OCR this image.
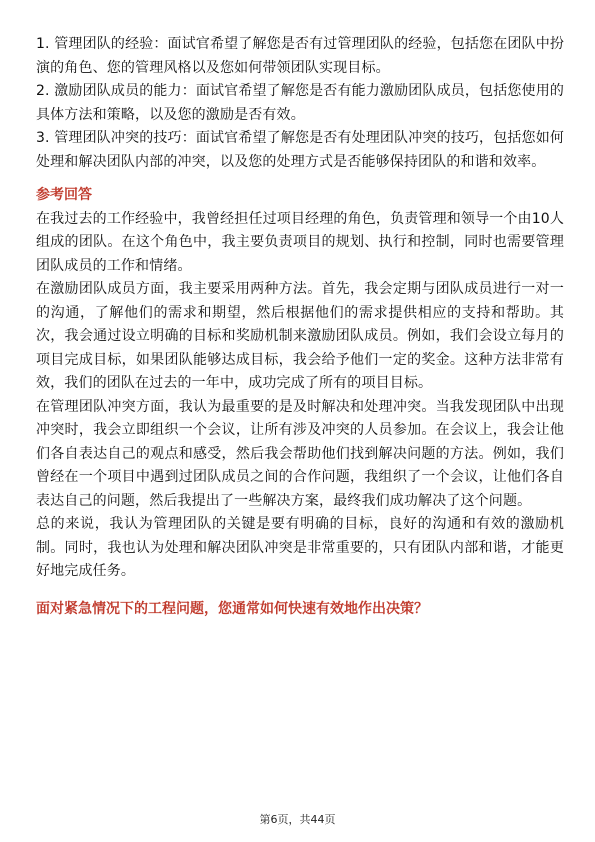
1. 管理团队的经验：面试官希望了解您是否有过管理团队的经验，包括您在团队中扮演的角色、您的管理风格以及您如何带领团队实现目标。

2. 激励团队成员的能力：面试官希望了解您是否有能力激励团队成员，包括您使用的具体方法和策略，以及您的激励是否有效。

3. 管理团队冲突的技巧：面试官希望了解您是否有处理团队冲突的技巧，包括您如何处理和解决团队内部的冲突，以及您的处理方式是否能够保持团队的和谐和效率。

参考回答

在我过去的工作经验中，我曾经担任过项目经理的角色，负责管理和领导一个由10人组成的团队。在这个角色中，我主要负责项目的规划、执行和控制，同时也需要管理团队成员的工作和情绪。

在激励团队成员方面，我主要采用两种方法。首先，我会定期与团队成员进行一对一的沟通，了解他们的需求和期望，然后根据他们的需求提供相应的支持和帮助。其次，我会通过设立明确的目标和奖励机制来激励团队成员。例如，我们会设立每月的项目完成目标，如果团队能够达成目标，我会给予他们一定的奖金。这种方法非常有效，我们的团队在过去的一年中，成功完成了所有的项目目标。

在管理团队冲突方面，我认为最重要的是及时解决和处理冲突。当我发现团队中出现冲突时，我会立即组织一个会议，让所有涉及冲突的人员参加。在会议上，我会让他们各自表达自己的观点和感受，然后我会帮助他们找到解决问题的方法。例如，我们曾经在一个项目中遇到过团队成员之间的合作问题，我组织了一个会议，让他们各自表达自己的问题，然后我提出了一些解决方案，最终我们成功解决了这个问题。

总的来说，我认为管理团队的关键是要有明确的目标，良好的沟通和有效的激励机制。同时，我也认为处理和解决团队冲突是非常重要的，只有团队内部和谐，才能更好地完成任务。

面对紧急情况下的工程问题，您通常如何快速有效地作出决策？

第6页，共44页
